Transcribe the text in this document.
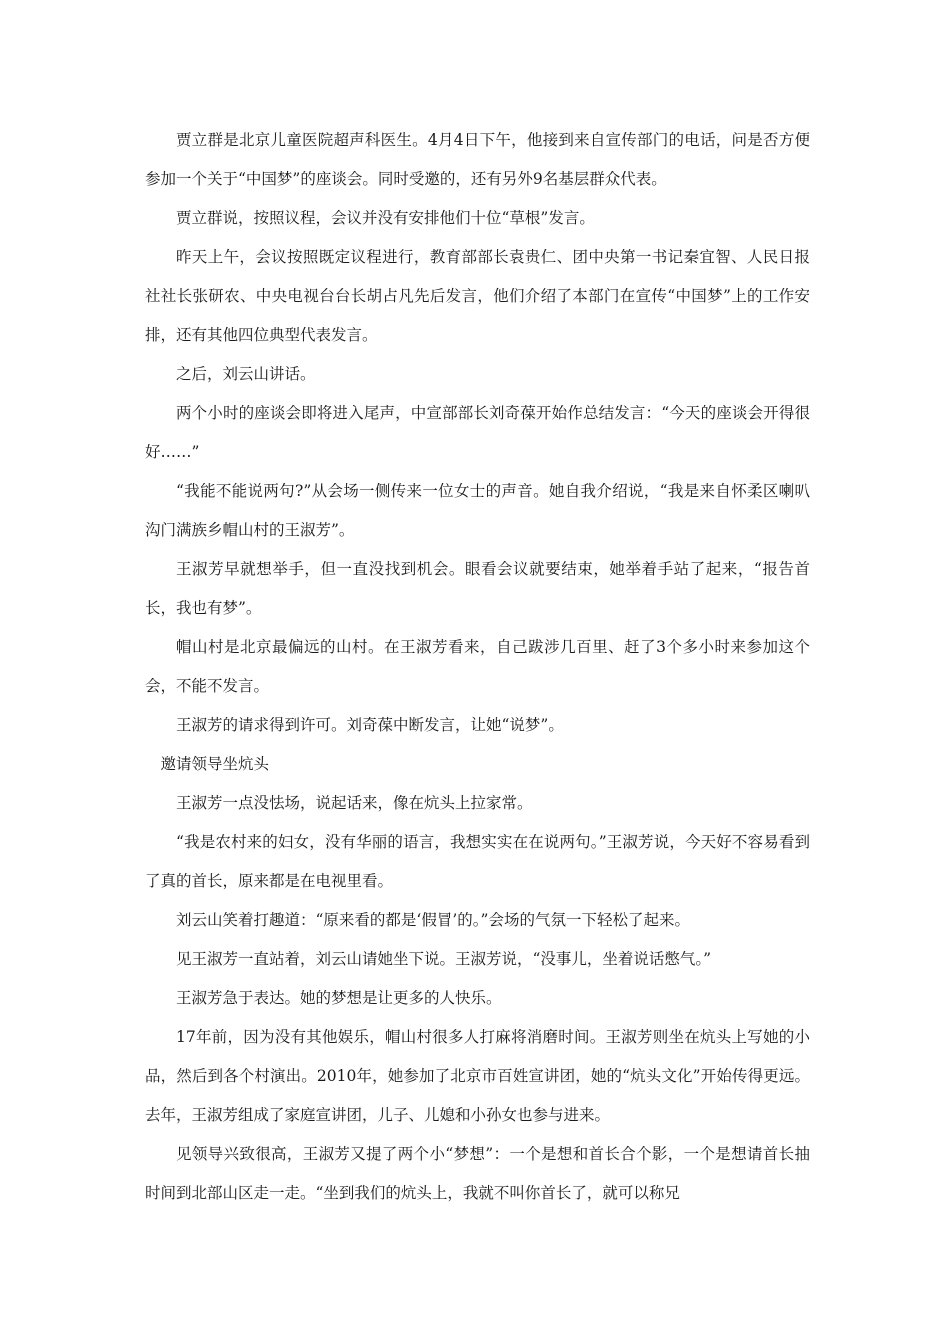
贾立群是北京儿童医院超声科医生。4月4日下午，他接到来自宣传部门的电话，问是否方便参加一个关于“中国梦”的座谈会。同时受邀的，还有另外9名基层群众代表。

贾立群说，按照议程，会议并没有安排他们十位“草根”发言。

昨天上午，会议按照既定议程进行，教育部部长袁贵仁、团中央第一书记秦宜智、人民日报社社长张研农、中央电视台台长胡占凡先后发言，他们介绍了本部门在宣传“中国梦”上的工作安排，还有其他四位典型代表发言。

之后，刘云山讲话。

两个小时的座谈会即将进入尾声，中宣部部长刘奇葆开始作总结发言：“今天的座谈会开得很好……”

“我能不能说两句?”从会场一侧传来一位女士的声音。她自我介绍说，“我是来自怀柔区喇叭沟门满族乡帽山村的王淑芳”。

王淑芳早就想举手，但一直没找到机会。眼看会议就要结束，她举着手站了起来，“报告首长，我也有梦”。

帽山村是北京最偏远的山村。在王淑芳看来，自己跋涉几百里、赶了3个多小时来参加这个会，不能不发言。

王淑芳的请求得到许可。刘奇葆中断发言，让她“说梦”。

邀请领导坐炕头

王淑芳一点没怯场，说起话来，像在炕头上拉家常。

“我是农村来的妇女，没有华丽的语言，我想实实在在说两句。”王淑芳说，今天好不容易看到了真的首长，原来都是在电视里看。

刘云山笑着打趣道：“原来看的都是‘假冒’的。”会场的气氛一下轻松了起来。

见王淑芳一直站着，刘云山请她坐下说。王淑芳说，“没事儿，坐着说话憋气。”

王淑芳急于表达。她的梦想是让更多的人快乐。

17年前，因为没有其他娱乐，帽山村很多人打麻将消磨时间。王淑芳则坐在炕头上写她的小品，然后到各个村演出。2010年，她参加了北京市百姓宣讲团，她的“炕头文化”开始传得更远。去年，王淑芳组成了家庭宣讲团，儿子、儿媳和小孙女也参与进来。

见领导兴致很高，王淑芳又提了两个小“梦想”：一个是想和首长合个影，一个是想请首长抽时间到北部山区走一走。“坐到我们的炕头上，我就不叫你首长了，就可以称兄
